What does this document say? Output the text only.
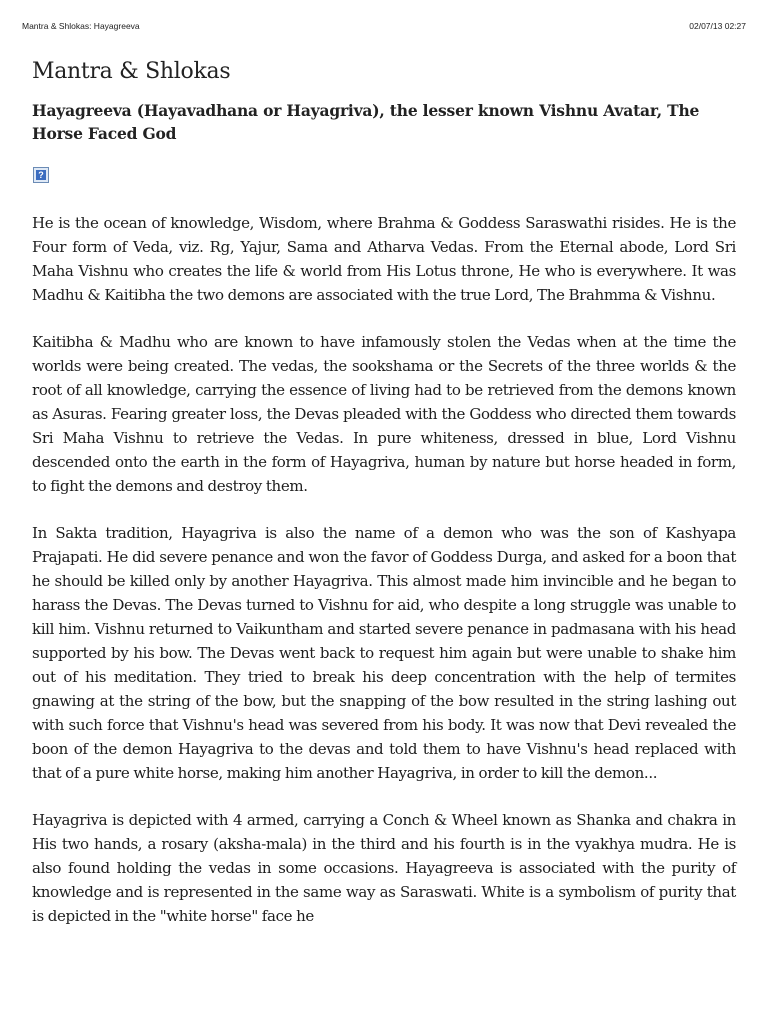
Mantra & Shlokas: Hayagreeva	02/07/13 02:27
Mantra & Shlokas
Hayagreeva (Hayavadhana or Hayagriva), the lesser known Vishnu Avatar, The Horse Faced God
?

He is the ocean of knowledge, Wisdom, where Brahma & Goddess Saraswathi risides. He is the Four form of Veda, viz. Rg, Yajur, Sama and Atharva Vedas. From the Eternal abode, Lord Sri Maha Vishnu who creates the life & world from His Lotus throne, He who is everywhere. It was Madhu & Kaitibha the two demons are associated with the true Lord, The Brahmma & Vishnu.

Kaitibha & Madhu who are known to have infamously stolen the Vedas when at the time the worlds were being created. The vedas, the sookshama or the Secrets of the three worlds & the root of all knowledge, carrying the essence of living had to be retrieved from the demons known as Asuras. Fearing greater loss, the Devas pleaded with the Goddess who directed them towards Sri Maha Vishnu to retrieve the Vedas. In pure whiteness, dressed in blue, Lord Vishnu descended onto the earth in the form of Hayagriva, human by nature but horse headed in form, to fight the demons and destroy them.

In Sakta tradition, Hayagriva is also the name of a demon who was the son of Kashyapa Prajapati. He did severe penance and won the favor of Goddess Durga, and asked for a boon that he should be killed only by another Hayagriva. This almost made him invincible and he began to harass the Devas. The Devas turned to Vishnu for aid, who despite a long struggle was unable to kill him. Vishnu returned to Vaikuntham and started severe penance in padmasana with his head supported by his bow. The Devas went back to request him again but were unable to shake him out of his meditation. They tried to break his deep concentration with the help of termites gnawing at the string of the bow, but the snapping of the bow resulted in the string lashing out with such force that Vishnu's head was severed from his body. It was now that Devi revealed the boon of the demon Hayagriva to the devas and told them to have Vishnu's head replaced with that of a pure white horse, making him another Hayagriva, in order to kill the demon...

Hayagriva is depicted with 4 armed, carrying a Conch & Wheel known as Shanka and chakra in His two hands, a rosary (aksha-mala) in the third and his fourth is in the vyakhya mudra. He is also found holding the vedas in some occasions. Hayagreeva is associated with the purity of knowledge and is represented in the same way as Saraswati. White is a symbolism of purity that is depicted in the "white horse" face he
